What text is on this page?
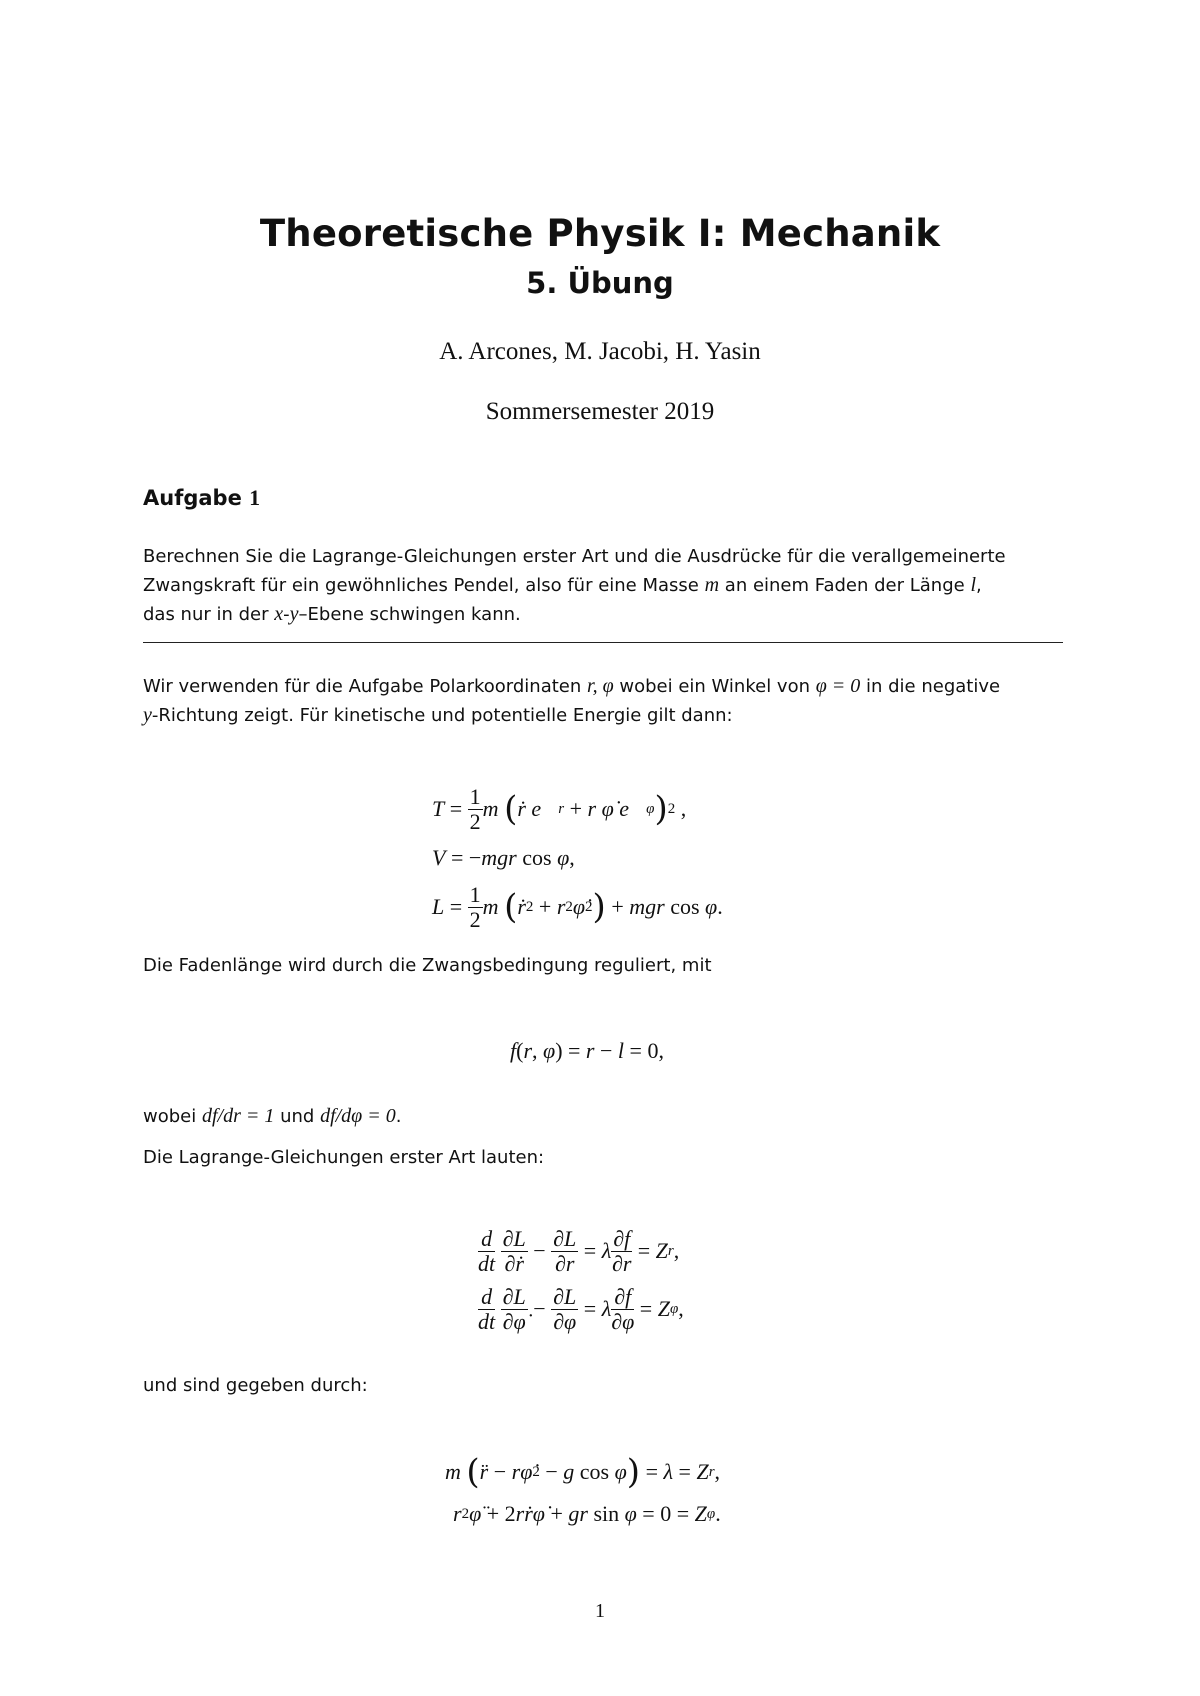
Theoretische Physik I: Mechanik
5. Übung
A. Arcones, M. Jacobi, H. Yasin
Sommersemester 2019
Aufgabe 1
Berechnen Sie die Lagrange-Gleichungen erster Art und die Ausdrücke für die verallgemeinerte
Zwangskraft für ein gewöhnliches Pendel, also für eine Masse m an einem Faden der Länge l,
das nur in der x-y–Ebene schwingen kann.
Wir verwenden für die Aufgabe Polarkoordinaten r, φ wobei ein Winkel von φ = 0 in die negative
y-Richtung zeigt. Für kinetische und potentielle Energie gilt dann:
$T = \frac{1}{2}$ m
( ṙ e⃗ r + r φ̇ e⃗ φ ) 2 ,
V = − mgr cos φ ,
$L = \frac{1}{2}$ m
( ṙ 2 + r 2 φ̇ 2 ) + mgr cos φ .
Die Fadenlänge wird durch die Zwangsbedingung reguliert, mit
f(r, φ) = r − l = 0,
wobei df/dr = 1 und df/dφ = 0.
Die Lagrange-Gleichungen erster Art lauten:
$\frac{d}{dt}$
$\frac{\partial L}{\text{∂ṙ}} - \frac{\partial L}{\partial r} = \lambda \frac{\partial f}{\partial r} = Z$ r ,
$\frac{d}{dt}$
$\frac{\partial L}{\partial\varphi̇} - \frac{\partial L}{\partial\varphi} = \lambda \frac{\partial f}{\partial\varphi} = Z$ φ ,
und sind gegeben durch:
m
( r̈ − rφ̇ 2 − g cos φ ) = λ = Z r ,
r 2 φ̈ + 2 rṙφ̇ + gr sin φ = 0 = Z φ .
1
